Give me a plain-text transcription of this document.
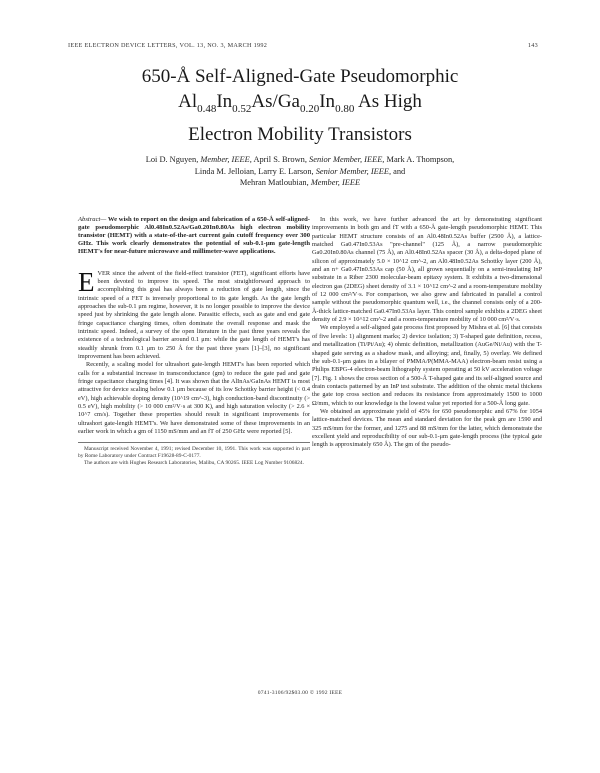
IEEE ELECTRON DEVICE LETTERS, VOL. 13, NO. 3, MARCH 1992	143
650-Å Self-Aligned-Gate Pseudomorphic
$Al_{0.48}In_{0.52}As/Ga_{0.20}In_{0.80}$ As High
Electron Mobility Transistors
Loi D. Nguyen, Member, IEEE, April S. Brown, Senior Member, IEEE, Mark A. Thompson,
Linda M. Jelloian, Larry E. Larson, Senior Member, IEEE, and
Mehran Matloubian, Member, IEEE

Abstract— We wish to report on the design and fabrication of a 650-Å self-aligned-gate pseudomorphic Al0.48In0.52As/Ga0.20In0.80As high electron mobility transistor (HEMT) with a state-of-the-art current gain cutoff frequency over 300 GHz. This work clearly demonstrates the potential of sub-0.1-μm gate-length HEMT's for near-future microwave and millimeter-wave applications.

EVER since the advent of the field-effect transistor (FET), significant efforts have been devoted to improve its speed. The most straightforward approach to accomplishing this goal has always been a reduction of gate length, since the intrinsic speed of a FET is inversely proportional to its gate length. As the gate length approaches the sub-0.1 μm regime, however, it is no longer possible to improve the device speed just by shrinking the gate length alone. Parasitic effects, such as gate and end gate fringe capacitance charging times, often dominate the overall response and mask the intrinsic speed. Indeed, a survey of the open literature in the past three years reveals the existence of a technological barrier around 0.1 μm: while the gate length of HEMT's has steadily shrunk from 0.1 μm to 250 Å for the past three years [1]–[3], no significant improvement has been achieved.

Recently, a scaling model for ultrashort gate-length HEMT's has been reported which calls for a substantial increase in transconductance (gm) to reduce the gate pad and gate fringe capacitance charging times [4]. It was shown that the AlInAs/GaInAs HEMT is most attractive for device scaling below 0.1 μm because of its low Schottky barrier height (< 0.4 eV), high achievable doping density (10^19 cm^-3), high conduction-band discontinuity (> 0.5 eV), high mobility (> 10 000 cm²/V·s at 300 K), and high saturation velocity (> 2.6 × 10^7 cm/s). Together these properties should result in significant improvements for ultrashort gate-length HEMT's. We have demonstrated some of these improvements in an earlier work in which a gm of 1150 mS/mm and an fT of 250 GHz were reported [5].

Manuscript received November 4, 1991; revised December 10, 1991. This work was supported in part by Rome Laboratory under Contract F19628-89-C-0177.

The authors are with Hughes Research Laboratories, Malibu, CA 90265. IEEE Log Number 9106824.

In this work, we have further advanced the art by demonstrating significant improvements in both gm and fT with a 650-Å gate-length pseudomorphic HEMT. This particular HEMT structure consists of an Al0.48In0.52As buffer (2500 Å), a lattice-matched Ga0.47In0.53As "pre-channel" (125 Å), a narrow pseudomorphic Ga0.20In0.80As channel (75 Å), an Al0.48In0.52As spacer (30 Å), a delta-doped plane of silicon of approximately 5.0 × 10^12 cm^-2, an Al0.48In0.52As Schottky layer (200 Å), and an n+ Ga0.47In0.53As cap (50 Å), all grown sequentially on a semi-insulating InP substrate in a Riber 2300 molecular-beam epitaxy system. It exhibits a two-dimensional electron gas (2DEG) sheet density of 3.1 × 10^12 cm^-2 and a room-temperature mobility of 12 000 cm²/V·s. For comparison, we also grew and fabricated in parallel a control sample without the pseudomorphic quantum well, i.e., the channel consists only of a 200-Å-thick lattice-matched Ga0.47In0.53As layer. This control sample exhibits a 2DEG sheet density of 2.9 × 10^12 cm^-2 and a room-temperature mobility of 10 000 cm²/V·s.

We employed a self-aligned gate process first proposed by Mishra et al. [6] that consists of five levels: 1) alignment marks; 2) device isolation; 3) T-shaped gate definition, recess, and metallization (Ti/Pt/Au); 4) ohmic definition, metallization (AuGe/Ni/Au) with the T-shaped gate serving as a shadow mask, and alloying; and, finally, 5) overlay. We defined the sub-0.1-μm gates in a bilayer of PMMA/P(MMA-MAA) electron-beam resist using a Philips EBPG-4 electron-beam lithography system operating at 50 kV acceleration voltage [7]. Fig. 1 shows the cross section of a 500-Å T-shaped gate and its self-aligned source and drain contacts patterned by an InP test substrate. The addition of the ohmic metal thickens the gate top cross section and reduces its resistance from approximately 1500 to 1000 Ω/mm, which to our knowledge is the lowest value yet reported for a 500-Å long gate.

We obtained an approximate yield of 45% for 650 pseudomorphic and 67% for 1054 lattice-matched devices. The mean and standard deviation for the peak gm are 1590 and 325 mS/mm for the former, and 1275 and 88 mS/mm for the latter, which demonstrate the excellent yield and reproducibility of our sub-0.1-μm gate-length process (the typical gate length is approximately 650 Å). The gm of the pseudo-

0741-3106/92$03.00 © 1992 IEEE
